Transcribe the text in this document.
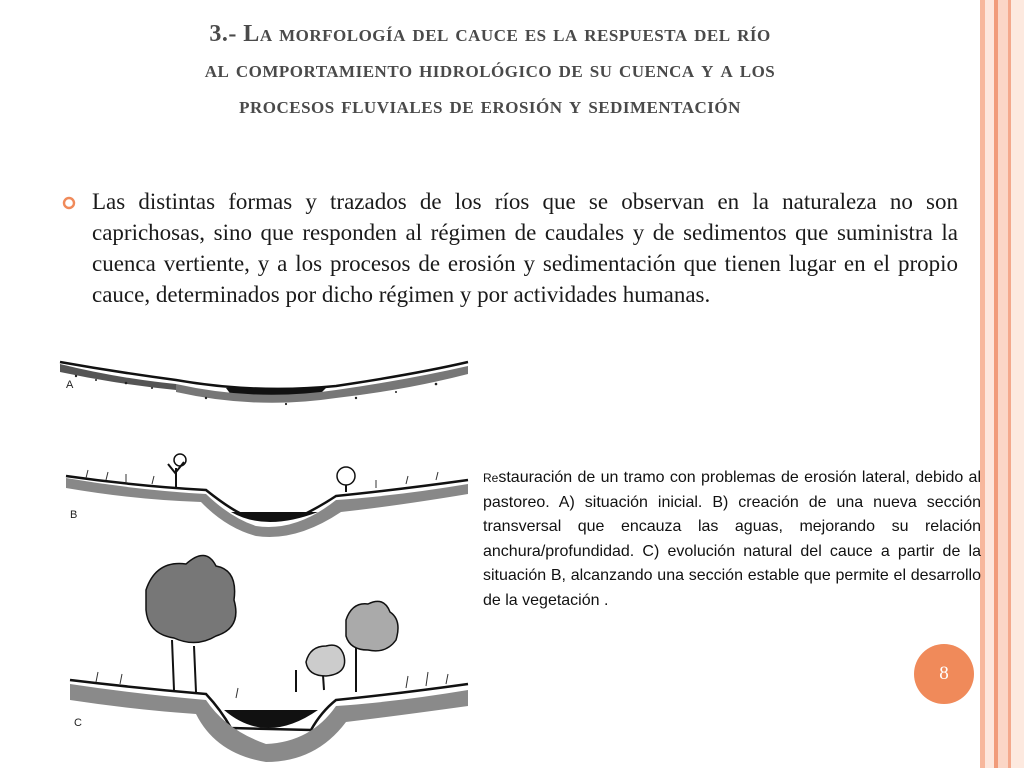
3.- La morfología del cauce es la respuesta del río
al comportamiento hidrológico de su cuenca y a los
procesos fluviales de erosión y sedimentación
Las distintas formas y trazados de los ríos que se observan en la naturaleza no son caprichosas, sino que responden al régimen de caudales y de sedimentos que suministra la cuenca vertiente, y a los procesos de erosión y sedimentación que tienen lugar en el propio cauce, determinados por dicho régimen y por actividades humanas.
A
B
C
Restauración de un tramo con problemas de erosión lateral, debido al pastoreo. A) situación inicial. B) creación de una nueva sección transversal que encauza las aguas, mejorando su relación anchura/profundidad. C) evolución natural del cauce a partir de la situación B, alcanzando una sección estable que permite el desarrollo de la vegetación .
8
